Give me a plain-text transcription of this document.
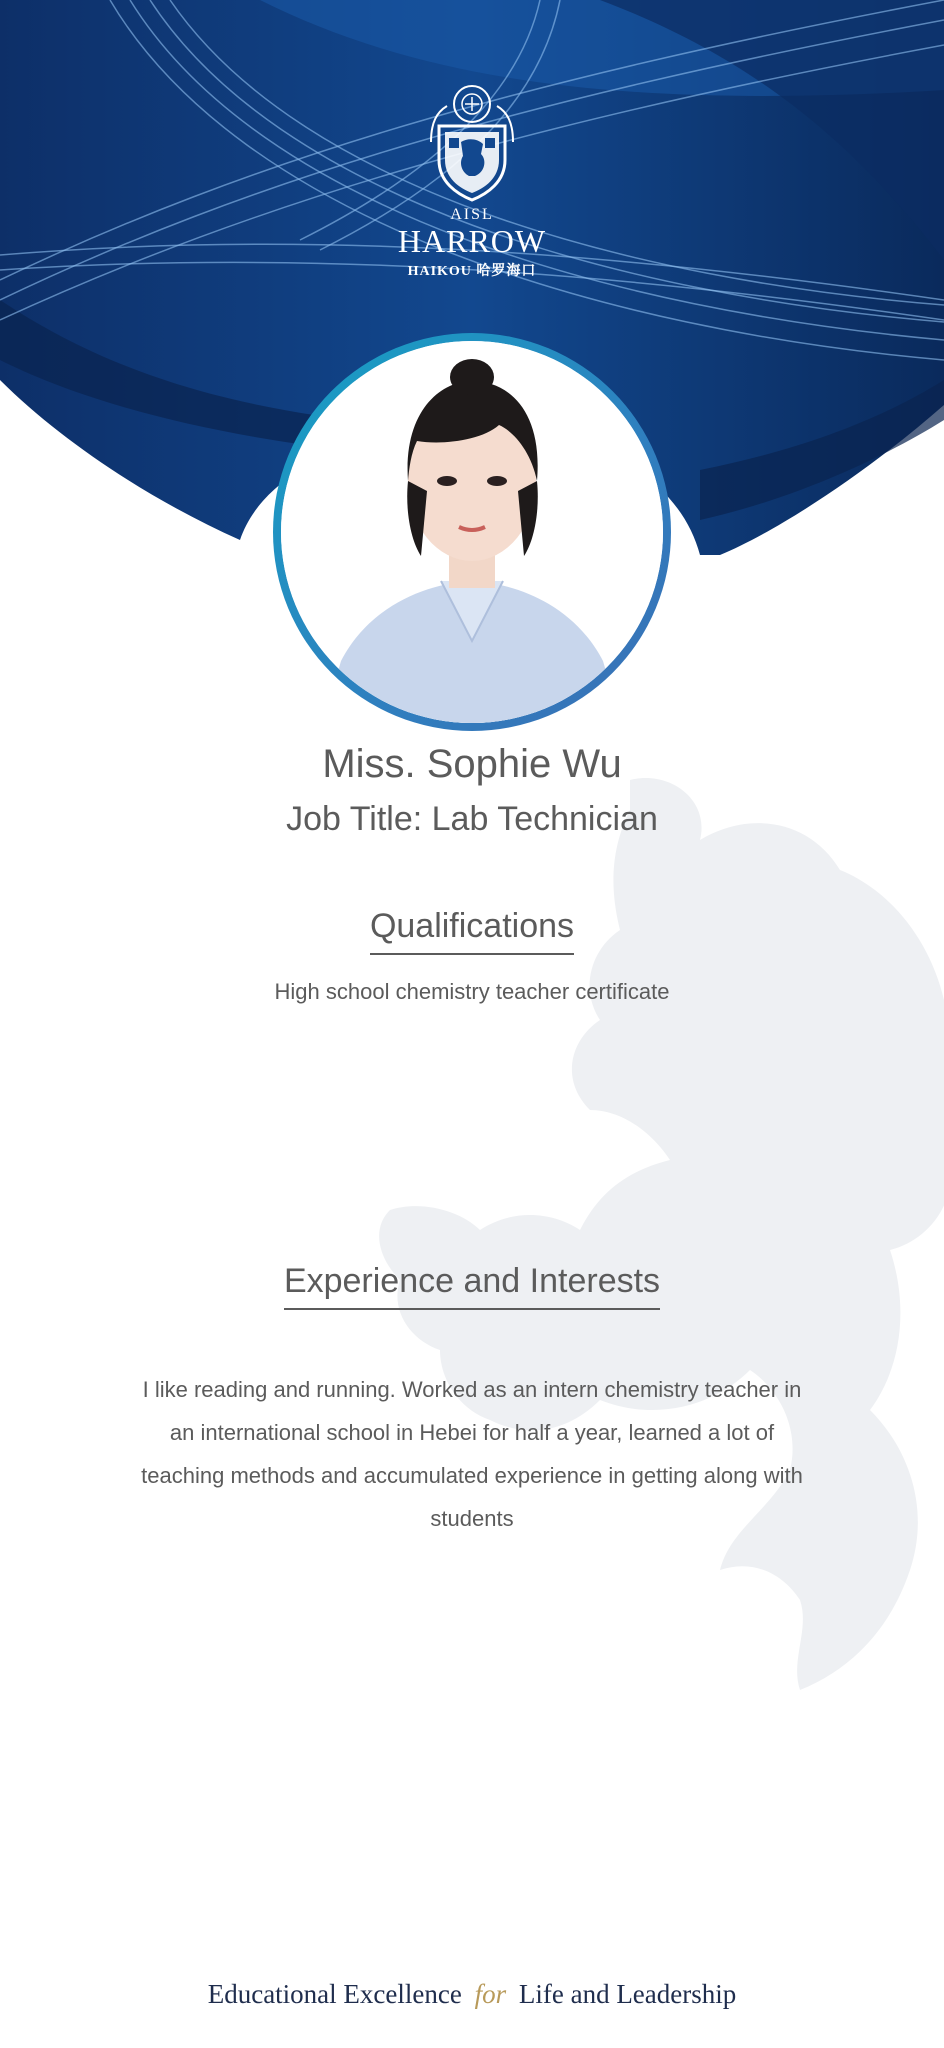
AISL
HARROW
HAIKOU 哈罗海口
Miss. Sophie Wu
Job Title: Lab Technician
Qualifications
High school chemistry teacher certificate
Experience and Interests
I like reading and running. Worked as an intern chemistry teacher in an international school in Hebei for half a year, learned a lot of teaching methods and accumulated experience in getting along with students
Educational Excellence for Life and Leadership
